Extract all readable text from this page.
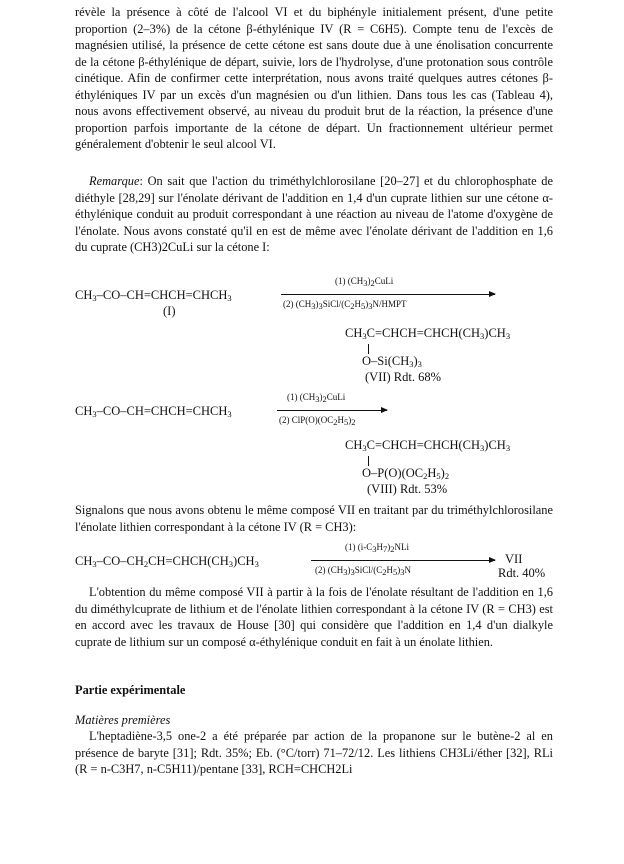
révèle la présence à côté de l'alcool VI et du biphényle initialement présent, d'une petite proportion (2–3%) de la cétone β-éthylénique IV (R = C6H5). Compte tenu de l'excès de magnésien utilisé, la présence de cette cétone est sans doute due à une énolisation concurrente de la cétone β-éthylénique de départ, suivie, lors de l'hydrolyse, d'une protonation sous contrôle cinétique. Afin de confirmer cette interprétation, nous avons traité quelques autres cétones β-éthyléniques IV par un excès d'un magnésien ou d'un lithien. Dans tous les cas (Tableau 4), nous avons effectivement observé, au niveau du produit brut de la réaction, la présence d'une proportion parfois importante de la cétone de départ. Un fractionnement ultérieur permet généralement d'obtenir le seul alcool VI.

Remarque: On sait que l'action du triméthylchlorosilane [20–27] et du chlorophosphate de diéthyle [28,29] sur l'énolate dérivant de l'addition en 1,4 d'un cuprate lithien sur une cétone α-éthylénique conduit au produit correspondant à une réaction au niveau de l'atome d'oxygène de l'énolate. Nous avons constaté qu'il en est de même avec l'énolate dérivant de l'addition en 1,6 du cuprate (CH3)2CuLi sur la cétone I:

$CH_3-CO-CH=CHCH=CHCH_3$
(I)
(1) $(CH_3)_2CuLi$
(2) $(CH_3)_3SiCl/(C_2H_5)_3N$/HMPT
$CH_3C=CHCH=CHCH(CH_3)CH_3$
$O-Si(CH_3)_3$
(VII) Rdt. 68%
$CH_3-CO-CH=CHCH=CHCH_3$
(1) $(CH_3)_2CuLi$
(2) $ClP(O)(OC_2H_5)_2$
$CH_3C=CHCH=CHCH(CH_3)CH_3$
$O-P(O)(OC_2H_5)_2$
(VIII) Rdt. 53%

Signalons que nous avons obtenu le même composé VII en traitant par du triméthylchlorosilane l'énolate lithien correspondant à la cétone IV (R = CH3):

$CH_3-CO-CH_2CH=CHCH(CH_3)CH_3$
(1) $(i-C_3H_7)_2NLi$
(2) $(CH_3)_3SiCl/(C_2H_5)_3N$
VII
Rdt. 40%

L'obtention du même composé VII à partir à la fois de l'énolate résultant de l'addition en 1,6 du diméthylcuprate de lithium et de l'énolate lithien correspondant à la cétone IV (R = CH3) est en accord avec les travaux de House [30] qui considère que l'addition en 1,4 d'un dialkyle cuprate de lithium sur un composé α-éthylénique conduit en fait à un énolate lithien.

Partie expérimentale
Matières premières

L'heptadiène-3,5 one-2 a été préparée par action de la propanone sur le butène-2 al en présence de baryte [31]; Rdt. 35%; Eb. (°C/torr) 71–72/12. Les lithiens CH3Li/éther [32], RLi (R = n-C3H7, n-C5H11)/pentane [33], RCH=CHCH2Li
